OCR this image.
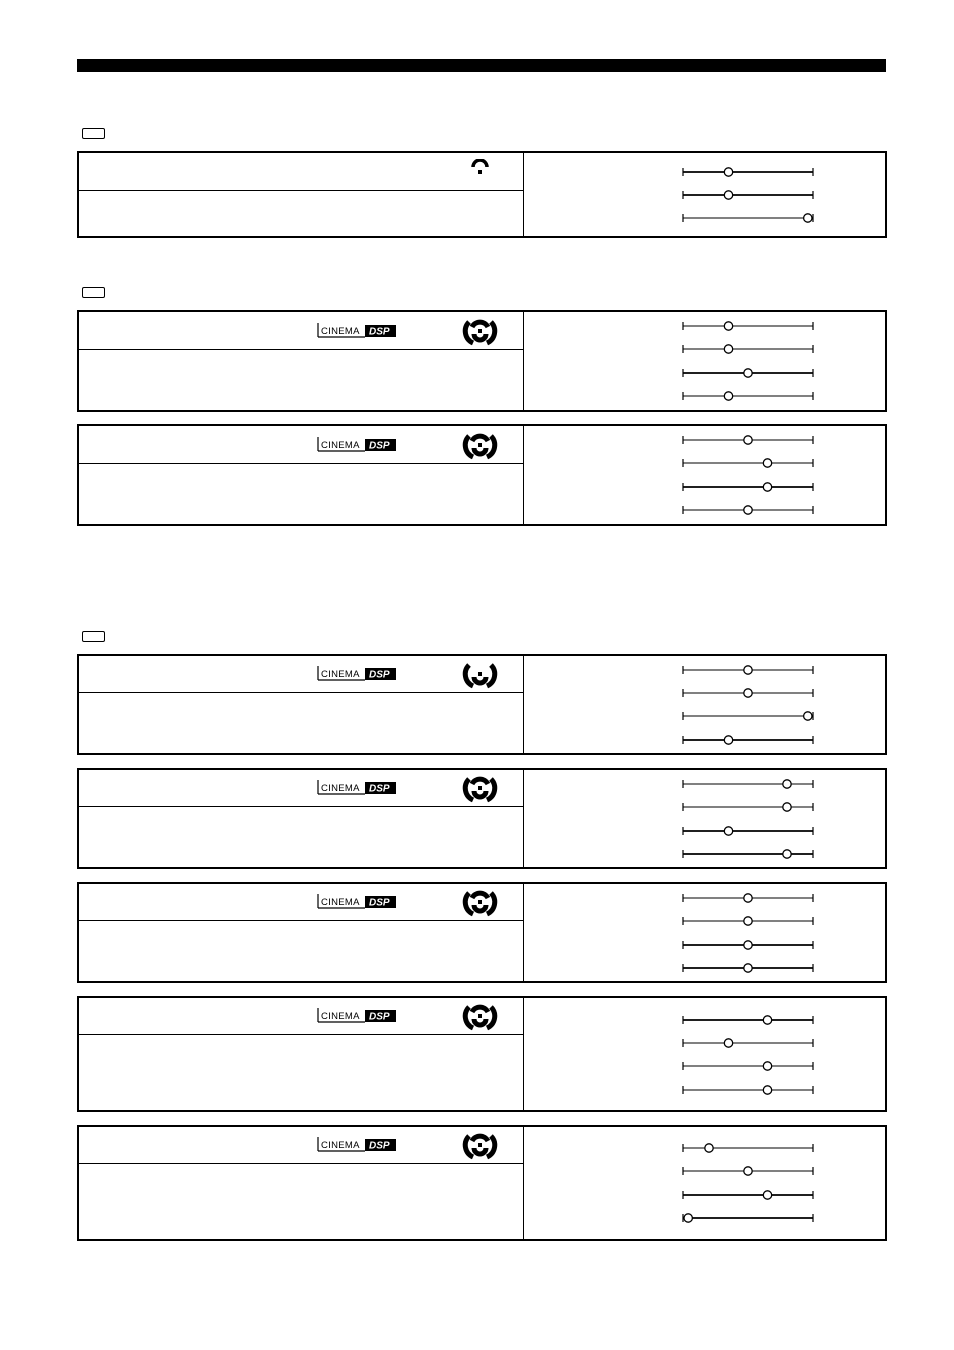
CINEMA DSP
CINEMA DSP
CINEMA DSP
CINEMA DSP
CINEMA DSP
CINEMA DSP
CINEMA DSP
